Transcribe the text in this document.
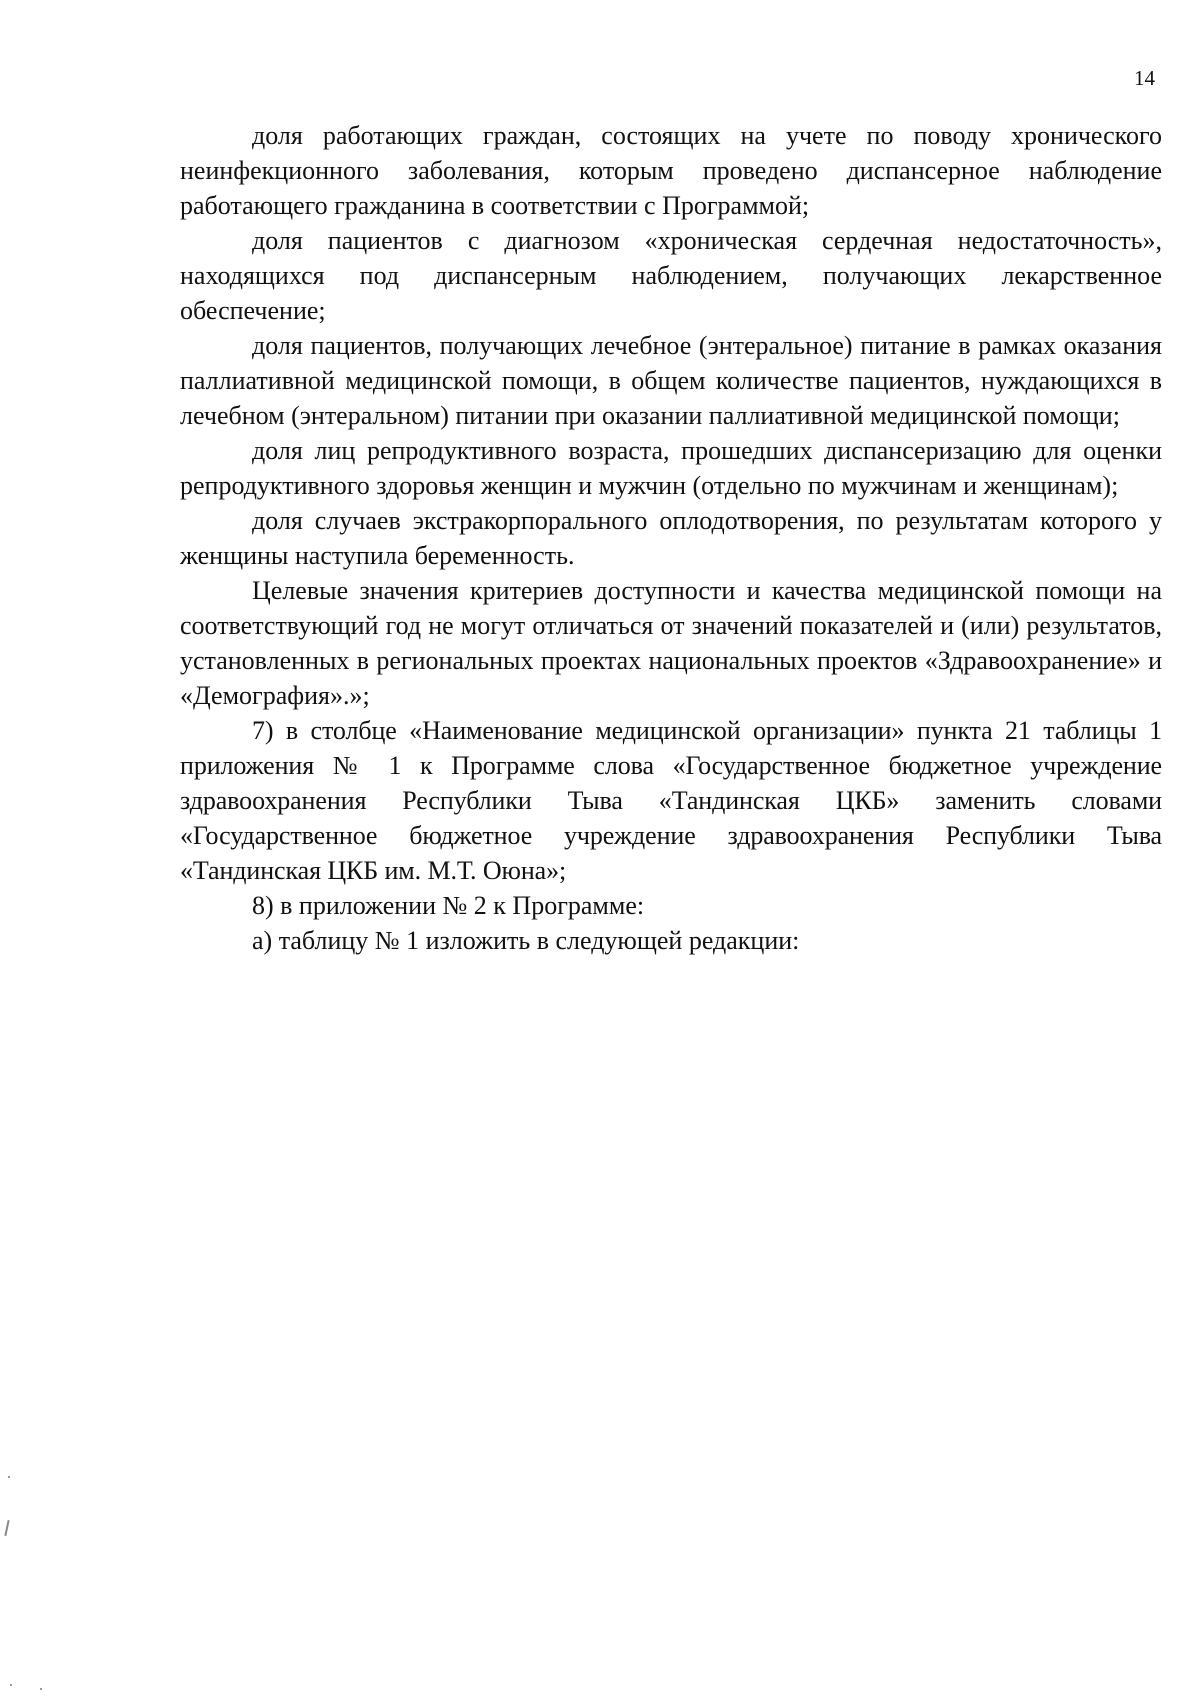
14

доля работающих граждан, состоящих на учете по поводу хронического неинфекционного заболевания, которым проведено диспансерное наблюдение работающего гражданина в соответствии с Программой;

доля пациентов с диагнозом «хроническая сердечная недостаточность», находящихся под диспансерным наблюдением, получающих лекарственное обеспечение;

доля пациентов, получающих лечебное (энтеральное) питание в рамках оказания паллиативной медицинской помощи, в общем количестве пациентов, нуждающихся в лечебном (энтеральном) питании при оказании паллиативной медицинской помощи;

доля лиц репродуктивного возраста, прошедших диспансеризацию для оценки репродуктивного здоровья женщин и мужчин (отдельно по мужчинам и женщинам);

доля случаев экстракорпорального оплодотворения, по результатам которого у женщины наступила беременность.

Целевые значения критериев доступности и качества медицинской помощи на соответствующий год не могут отличаться от значений показателей и (или) результатов, установленных в региональных проектах национальных проектов «Здравоохранение» и «Демография».»;

7) в столбце «Наименование медицинской организации» пункта 21 таблицы 1 приложения № 1 к Программе слова «Государственное бюджетное учреждение здравоохранения Республики Тыва «Тандинская ЦКБ» заменить словами «Государственное бюджетное учреждение здравоохранения Республики Тыва «Тандинская ЦКБ им. М.Т. Оюна»;

8) в приложении № 2 к Программе:

а) таблицу № 1 изложить в следующей редакции:
